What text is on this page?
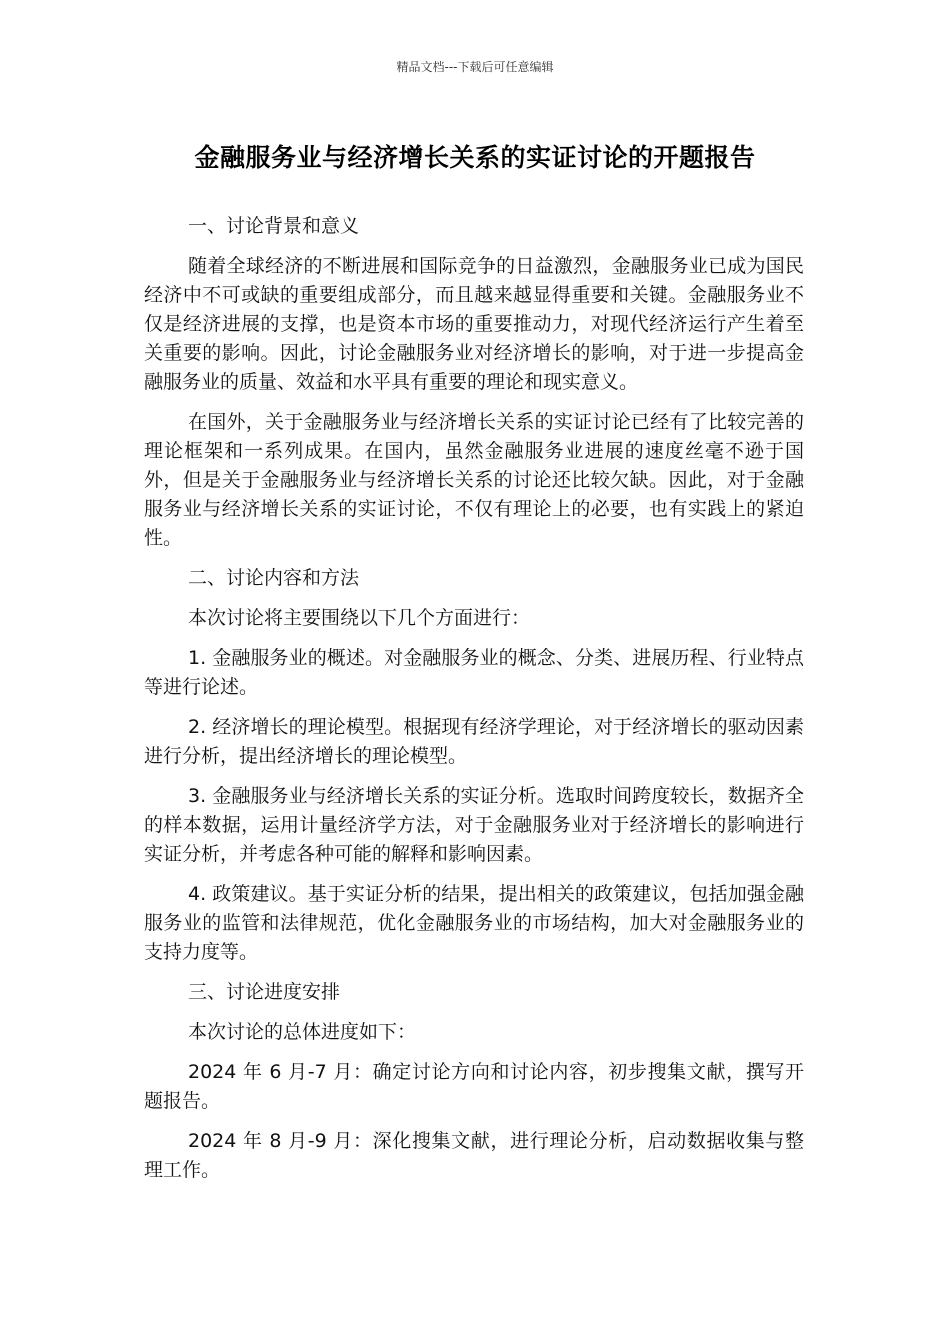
精品文档---下载后可任意编辑
金融服务业与经济增长关系的实证讨论的开题报告

一、讨论背景和意义

随着全球经济的不断进展和国际竞争的日益激烈，金融服务业已成为国民经济中不可或缺的重要组成部分，而且越来越显得重要和关键。金融服务业不仅是经济进展的支撑，也是资本市场的重要推动力，对现代经济运行产生着至关重要的影响。因此，讨论金融服务业对经济增长的影响，对于进一步提高金融服务业的质量、效益和水平具有重要的理论和现实意义。

在国外，关于金融服务业与经济增长关系的实证讨论已经有了比较完善的理论框架和一系列成果。在国内，虽然金融服务业进展的速度丝毫不逊于国外，但是关于金融服务业与经济增长关系的讨论还比较欠缺。因此，对于金融服务业与经济增长关系的实证讨论，不仅有理论上的必要，也有实践上的紧迫性。

二、讨论内容和方法

本次讨论将主要围绕以下几个方面进行：

1. 金融服务业的概述。对金融服务业的概念、分类、进展历程、行业特点等进行论述。

2. 经济增长的理论模型。根据现有经济学理论，对于经济增长的驱动因素进行分析，提出经济增长的理论模型。

3. 金融服务业与经济增长关系的实证分析。选取时间跨度较长，数据齐全的样本数据，运用计量经济学方法，对于金融服务业对于经济增长的影响进行实证分析，并考虑各种可能的解释和影响因素。

4. 政策建议。基于实证分析的结果，提出相关的政策建议，包括加强金融服务业的监管和法律规范，优化金融服务业的市场结构，加大对金融服务业的支持力度等。

三、讨论进度安排

本次讨论的总体进度如下：

2024 年 6 月-7 月：确定讨论方向和讨论内容，初步搜集文献，撰写开题报告。

2024 年 8 月-9 月：深化搜集文献，进行理论分析，启动数据收集与整理工作。
